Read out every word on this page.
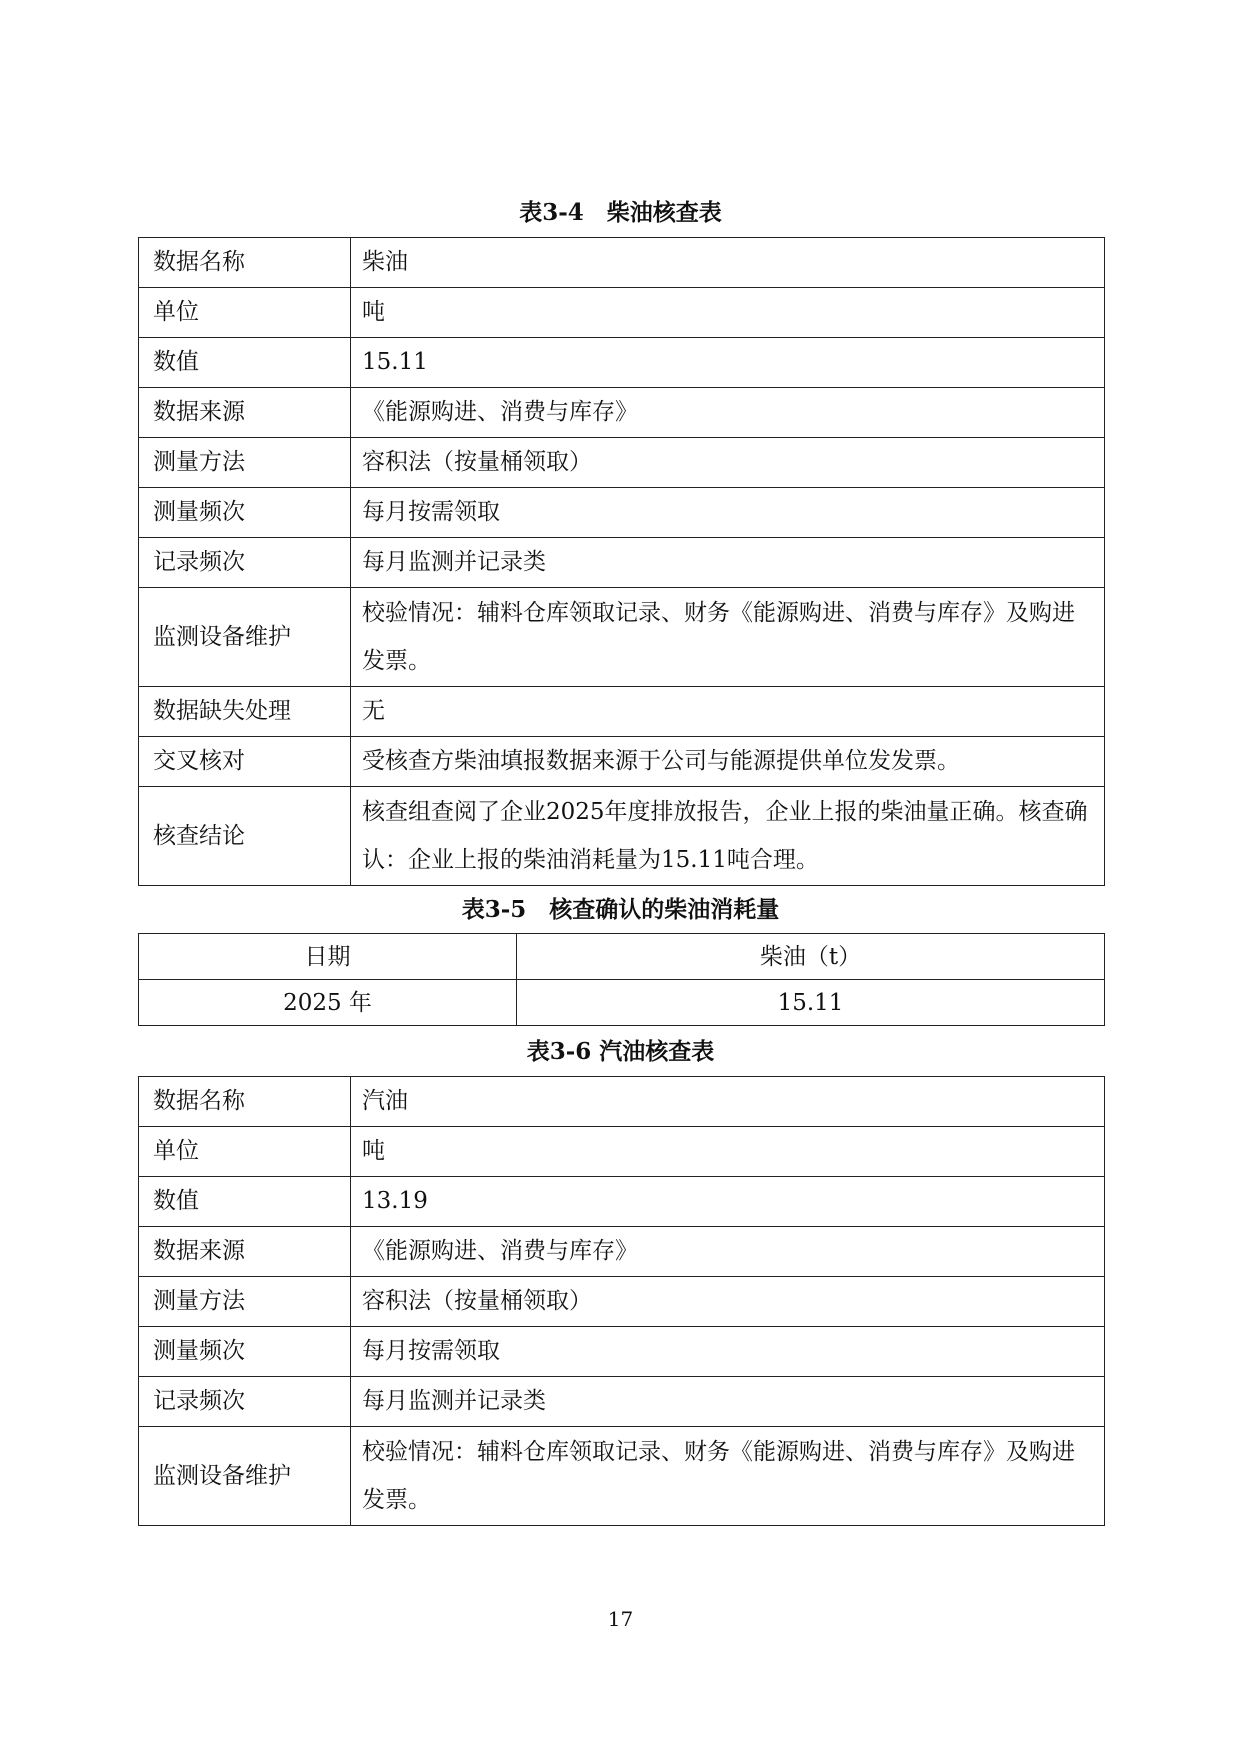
表3-4　柴油核查表
数据名称	柴油
单位	吨
数值	15.11
数据来源	《能源购进、消费与库存》
测量方法	容积法（按量桶领取）
测量频次	每月按需领取
记录频次	每月监测并记录类
监测设备维护	校验情况：辅料仓库领取记录、财务《能源购进、消费与库存》及购进发票。
数据缺失处理	无
交叉核对	受核查方柴油填报数据来源于公司与能源提供单位发发票。
核查结论	核查组查阅了企业2025年度排放报告，企业上报的柴油量正确。核查确认：企业上报的柴油消耗量为15.11吨合理。
表3-5　核查确认的柴油消耗量
日期	柴油（t）
2025 年	15.11
表3-6 汽油核查表
数据名称	汽油
单位	吨
数值	13.19
数据来源	《能源购进、消费与库存》
测量方法	容积法（按量桶领取）
测量频次	每月按需领取
记录频次	每月监测并记录类
监测设备维护	校验情况：辅料仓库领取记录、财务《能源购进、消费与库存》及购进发票。
17
